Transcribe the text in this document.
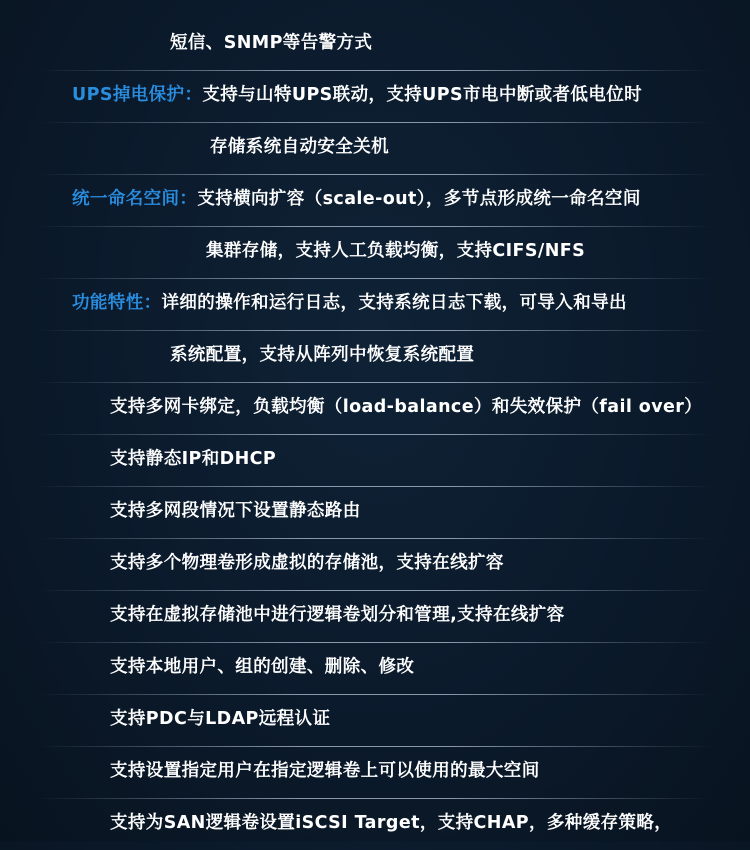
短信、SNMP等告警方式
UPS掉电保护：支持与山特UPS联动，支持UPS市电中断或者低电位时
存储系统自动安全关机
统一命名空间：支持横向扩容（scale-out），多节点形成统一命名空间
集群存储，支持人工负载均衡，支持CIFS/NFS
功能特性：详细的操作和运行日志，支持系统日志下载，可导入和导出
系统配置，支持从阵列中恢复系统配置
支持多网卡绑定，负载均衡（load-balance）和失效保护（fail over）
支持静态IP和DHCP
支持多网段情况下设置静态路由
支持多个物理卷形成虚拟的存储池，支持在线扩容
支持在虚拟存储池中进行逻辑卷划分和管理,支持在线扩容
支持本地用户、组的创建、删除、修改
支持PDC与LDAP远程认证
支持设置指定用户在指定逻辑卷上可以使用的最大空间
支持为SAN逻辑卷设置iSCSI Target，支持CHAP，多种缓存策略，
